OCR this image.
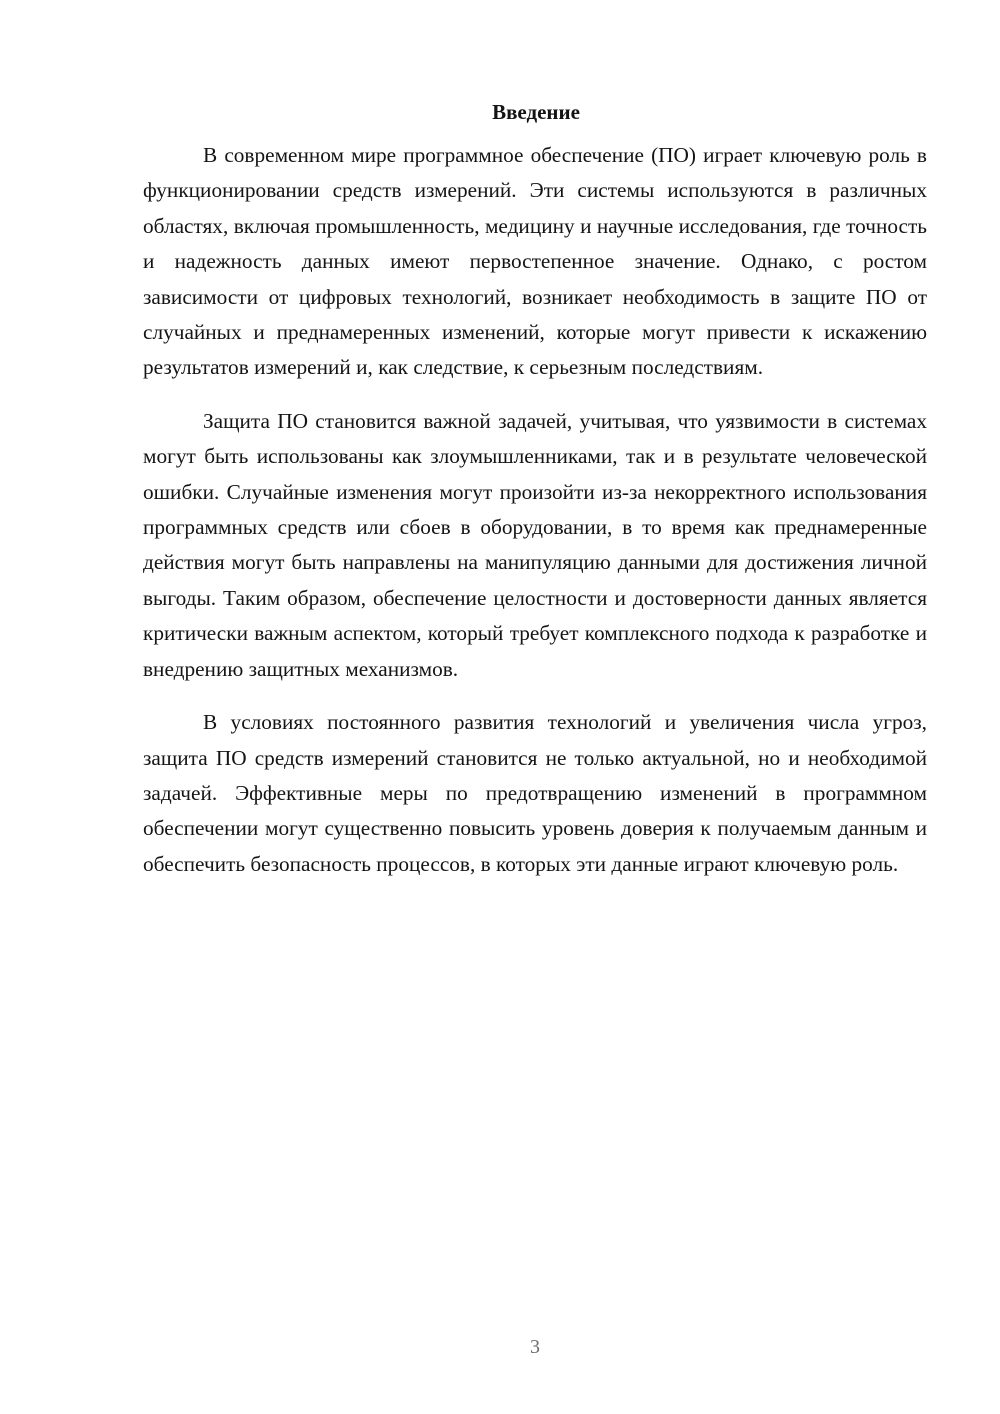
Введение

В современном мире программное обеспечение (ПО) играет ключевую роль в функционировании средств измерений. Эти системы используются в различных областях, включая промышленность, медицину и научные исследования, где точность и надежность данных имеют первостепенное значение. Однако, с ростом зависимости от цифровых технологий, возникает необходимость в защите ПО от случайных и преднамеренных изменений, которые могут привести к искажению результатов измерений и, как следствие, к серьезным последствиям.

Защита ПО становится важной задачей, учитывая, что уязвимости в системах могут быть использованы как злоумышленниками, так и в результате человеческой ошибки. Случайные изменения могут произойти из-за некорректного использования программных средств или сбоев в оборудовании, в то время как преднамеренные действия могут быть направлены на манипуляцию данными для достижения личной выгоды. Таким образом, обеспечение целостности и достоверности данных является критически важным аспектом, который требует комплексного подхода к разработке и внедрению защитных механизмов.

В условиях постоянного развития технологий и увеличения числа угроз, защита ПО средств измерений становится не только актуальной, но и необходимой задачей. Эффективные меры по предотвращению изменений в программном обеспечении могут существенно повысить уровень доверия к получаемым данным и обеспечить безопасность процессов, в которых эти данные играют ключевую роль.

3
